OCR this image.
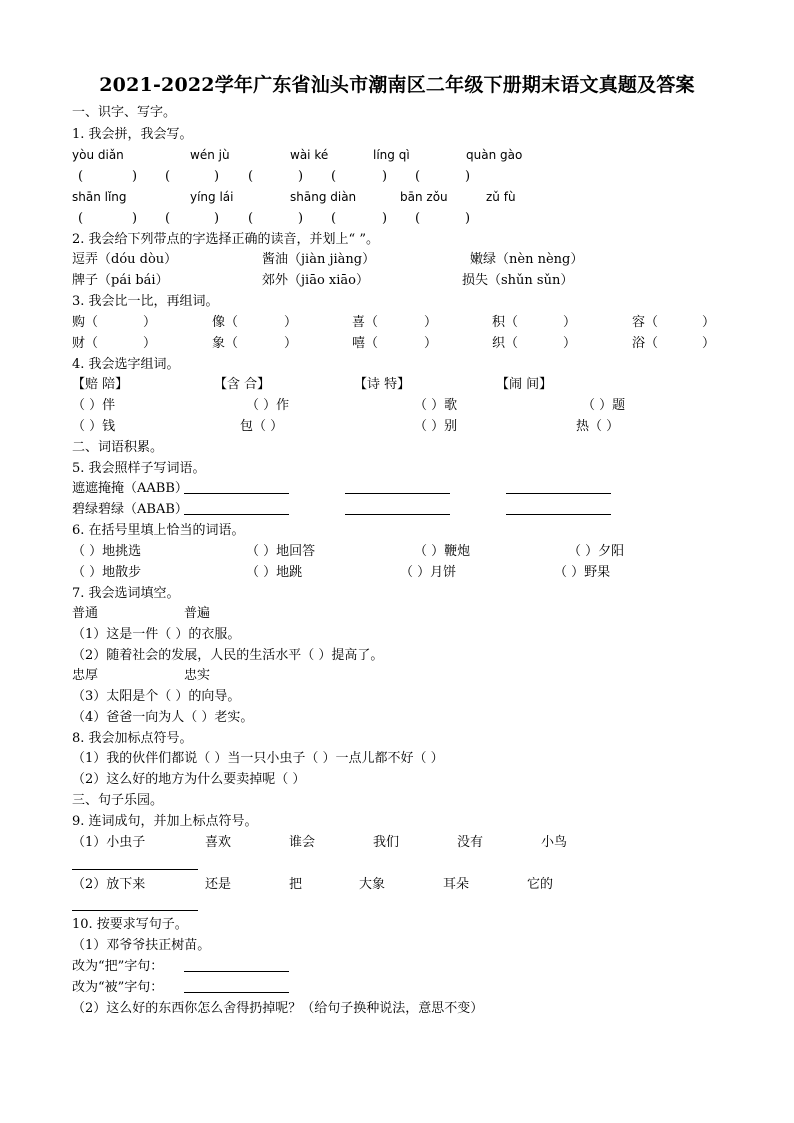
2021-2022学年广东省汕头市潮南区二年级下册期末语文真题及答案
一、识字、写字。
1. 我会拼，我会写。
yòu diǎn	wén jù	wài ké	líng qì	quàn gào
(	) (	) (	) (	) (	)
shān lǐng	yíng lái	shāng diàn	bān zǒu	zǔ fù
(	) (	) (	) (	) (	)
2. 我会给下列带点的字选择正确的读音，并划上“ ”。
逗弄（dóu dòu）	酱油（jiàn jiàng）	嫩绿（nèn nèng）
牌子（pái bái）	郊外（jiāo xiāo）	损失（shǔn sǔn）
3. 我会比一比，再组词。
购（	）	像（	）	喜（	）	积（	）	容（	）
财（	）	象（	）	嘻（	）	织（	）	浴（	）
4. 我会选字组词。
【赔 陪】	【含 合】	【诗 特】	【闹 间】
（ ）伴	（ ）作	（ ）歌	（ ）题
（ ）钱	包（ ）	（ ）别	热（ ）
二、词语积累。
5. 我会照样子写词语。
遮遮掩掩（AABB）
碧绿碧绿（ABAB）
6. 在括号里填上恰当的词语。
（ ）地挑选	（ ）地回答	（ ）鞭炮	（ ）夕阳
（ ）地散步	（ ）地跳	（ ）月饼	（ ）野果
7. 我会选词填空。
普通	普遍
（1）这是一件（ ）的衣服。
（2）随着社会的发展，人民的生活水平（ ）提高了。
忠厚	忠实
（3）太阳是个（ ）的向导。
（4）爸爸一向为人（ ）老实。
8. 我会加标点符号。
（1）我的伙伴们都说（ ）当一只小虫子（ ）一点儿都不好（ ）
（2）这么好的地方为什么要卖掉呢（ ）
三、句子乐园。
9. 连词成句，并加上标点符号。
（1）小虫子	喜欢	谁会	我们	没有	小鸟
（2）放下来	还是	把	大象	耳朵	它的
10. 按要求写句子。
（1）邓爷爷扶正树苗。
改为“把”字句：
改为“被”字句：
（2）这么好的东西你怎么舍得扔掉呢？（给句子换种说法，意思不变）
